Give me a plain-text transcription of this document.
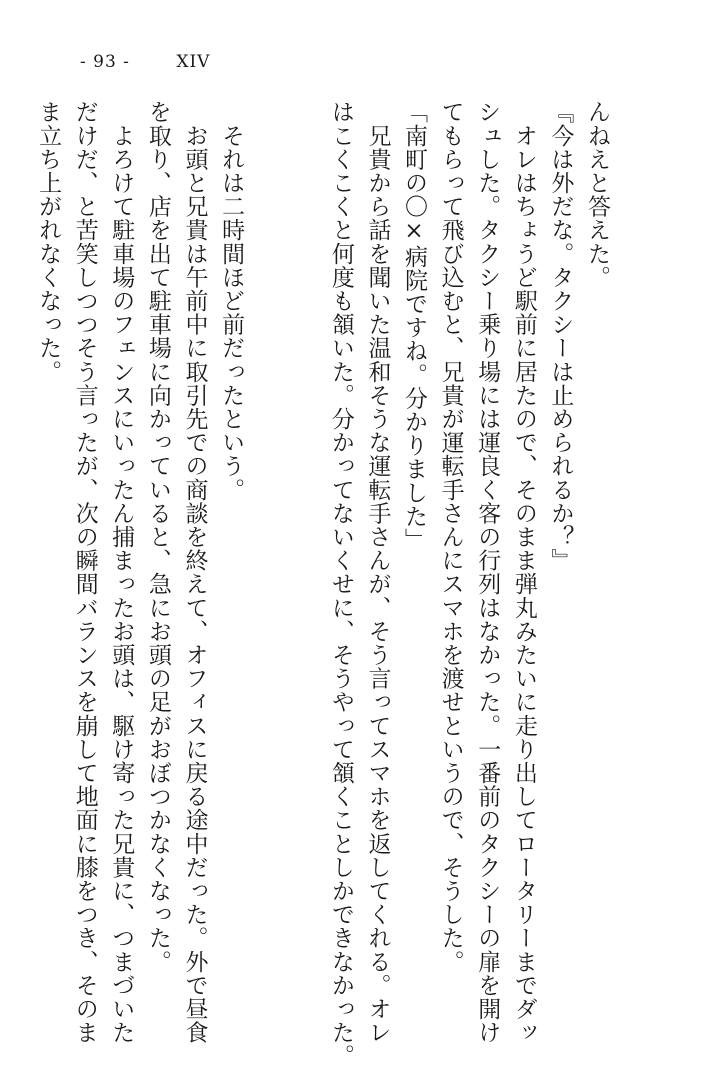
- 93 -	XIV
んねえと答えた。
『今は外だな。タクシーは止められるか？』
　オレはちょうど駅前に居たので、そのまま弾丸みたいに走り出してロータリーまでダッ
シュした。タクシー乗り場には運良く客の行列はなかった。一番前のタクシーの扉を開け
てもらって飛び込むと、兄貴が運転手さんにスマホを渡せというので、そうした。
「南町の〇×病院ですね。分かりました」
　兄貴から話を聞いた温和そうな運転手さんが、そう言ってスマホを返してくれる。オレ
はこくこくと何度も頷いた。分かってないくせに、そうやって頷くことしかできなかった。
　それは二時間ほど前だったという。
　お頭と兄貴は午前中に取引先での商談を終えて、オフィスに戻る途中だった。外で昼食
を取り、店を出て駐車場に向かっていると、急にお頭の足がおぼつかなくなった。
　よろけて駐車場のフェンスにいったん捕まったお頭は、駆け寄った兄貴に、つまづいた
だけだ、と苦笑しつつそう言ったが、次の瞬間バランスを崩して地面に膝をつき、そのま
ま立ち上がれなくなった。
